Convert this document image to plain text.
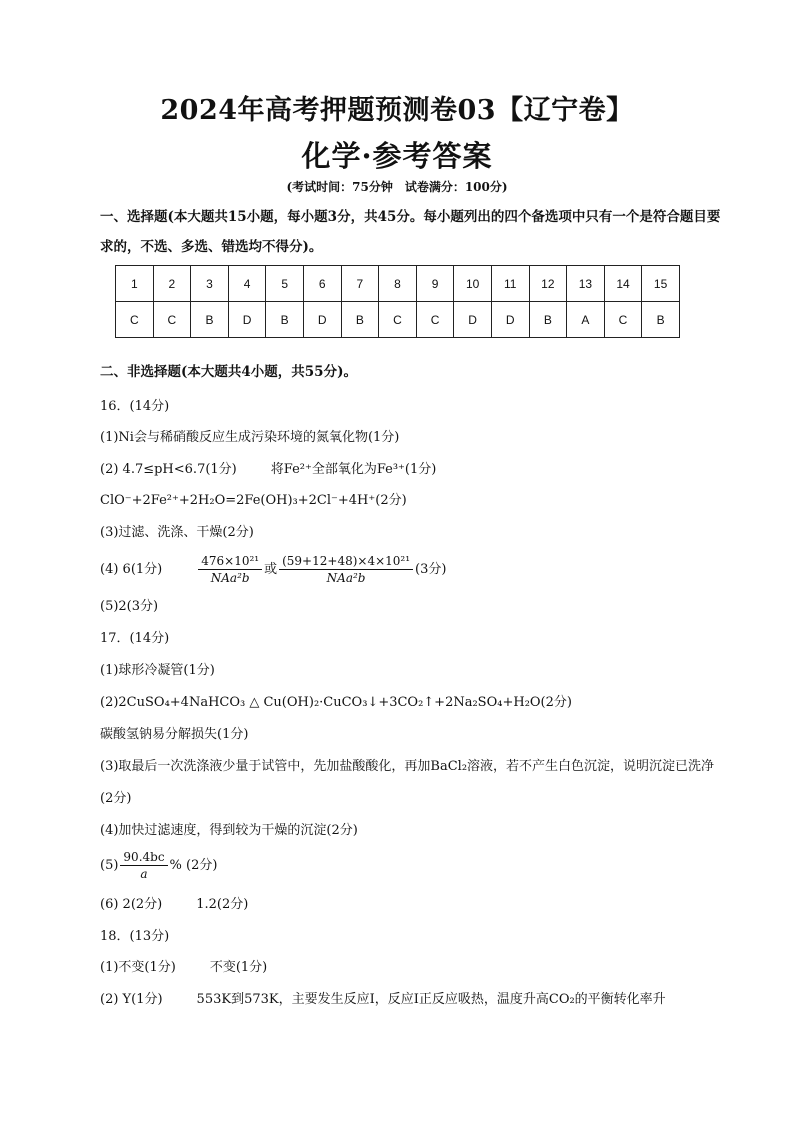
2024年高考押题预测卷03【辽宁卷】
化学·参考答案
(考试时间：75分钟　试卷满分：100分)
一、选择题(本大题共15小题，每小题3分，共45分。每小题列出的四个备选项中只有一个是符合题目要求的，不选、多选、错选均不得分)。
1	2	3	4	5	6	7	8	9	10	11	12	13	14	15
C	C	B	D	B	D	B	C	C	D	D	B	A	C	B
二、非选择题(本大题共4小题，共55分)。
16．(14分)
(1)Ni会与稀硝酸反应生成污染环境的氮氧化物(1分)
(2) 4.7≤pH<6.7(1分)	将Fe²⁺全部氧化为Fe³⁺(1分)
ClO⁻+2Fe²⁺+2H₂O=2Fe(OH)₃+2Cl⁻+4H⁺(2分)
(3)过滤、洗涤、干燥(2分)
(4) 6(1分)	$\frac{\text{476×10²¹}}{\text{NAa²b}}$ 或 $\frac{\text{(59+12+48)×4×10²¹}}{\text{NAa²b}} (3$分)
(5)2(3分)
17．(14分)
(1)球形冷凝管(1分)
(2)2CuSO₄+4NaHCO₃ △ Cu(OH)₂·CuCO₃↓+3CO₂↑+2Na₂SO₄+H₂O(2分)
碳酸氢钠易分解损失(1分)
(3)取最后一次洗涤液少量于试管中，先加盐酸酸化，再加BaCl₂溶液，若不产生白色沉淀，说明沉淀已洗净(2分)
(4)加快过滤速度，得到较为干燥的沉淀(2分)
$(5) \frac{90.4bc}{a}$ % (2分)
(6) 2(2分)	1.2(2分)
18．(13分)
(1)不变(1分)	不变(1分)
(2) Y(1分)	553K到573K，主要发生反应Ⅰ，反应Ⅰ正反应吸热，温度升高CO₂的平衡转化率升
